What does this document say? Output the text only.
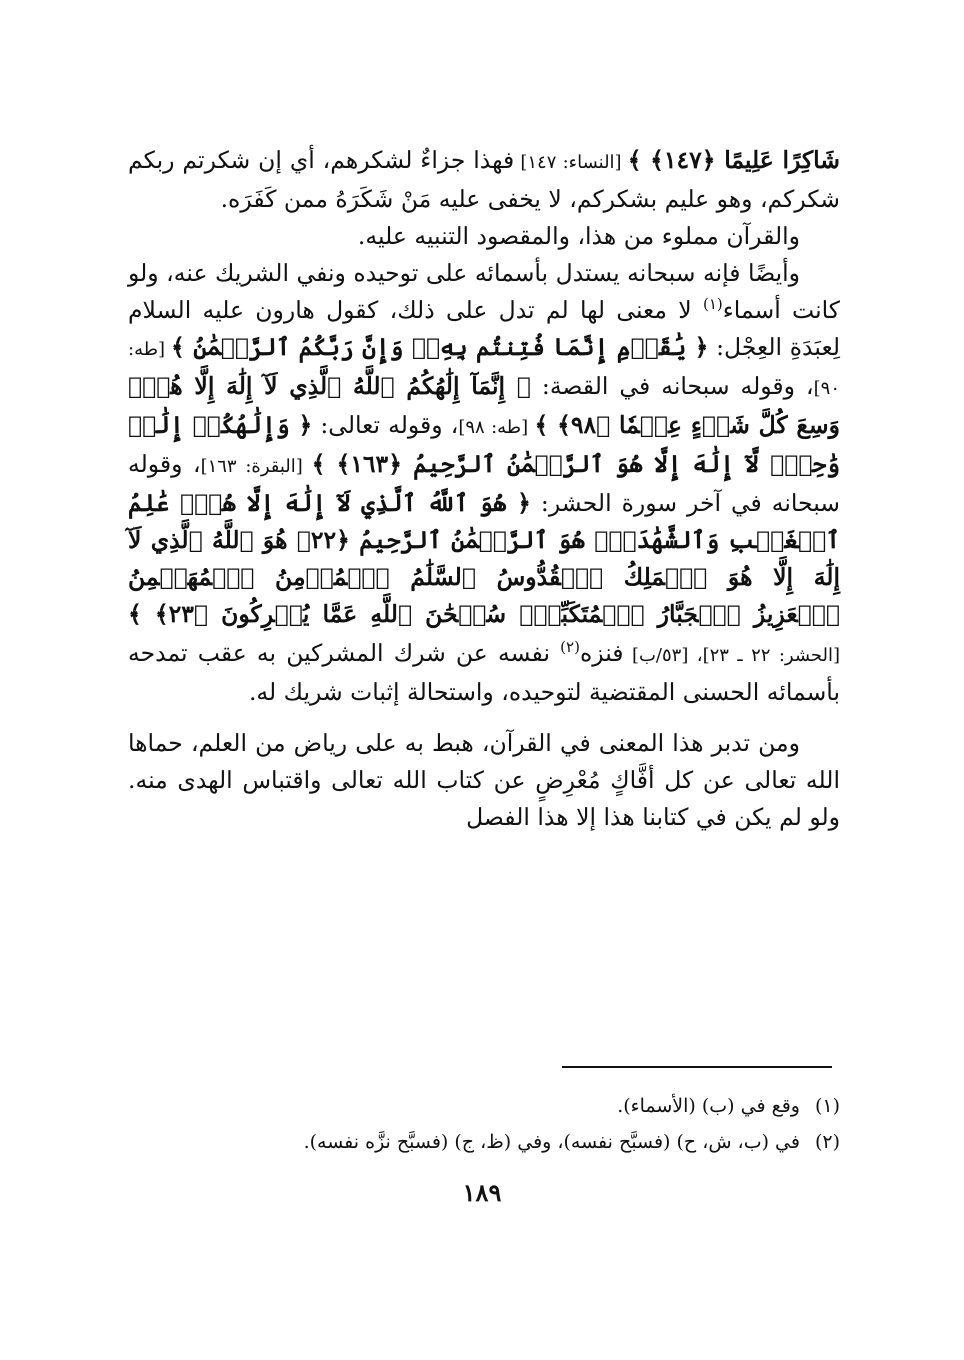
شَاكِرًا عَلِيمًا ﴿١٤٧﴾ ﴾ [النساء: ١٤٧] فهذا جزاءٌ لشكرهم، أي إن شكرتم ربكم شكركم، وهو عليم بشكركم، لا يخفى عليه مَنْ شَكَرَهُ ممن كَفَرَه.

والقرآن مملوء من هذا، والمقصود التنبيه عليه.

وأيضًا فإنه سبحانه يستدل بأسمائه على توحيده ونفي الشريك عنه، ولو كانت أسماء$^{(١)}$ لا معنى لها لم تدل على ذلك، كقول هارون عليه السلام لِعبَدَةِ العِجْل: ﴿ يَٰقَوۡمِ إِنَّمَا فُتِنتُم بِهِۦۖ وَإِنَّ رَبَّكُمُ ٱلرَّحۡمَٰنُ ﴾ [طه: ٩٠]، وقوله سبحانه في القصة: ﴿ إِنَّمَآ إِلَٰهُكُمُ ٱللَّهُ ٱلَّذِي لَآ إِلَٰهَ إِلَّا هُوَۚ وَسِعَ كُلَّ شَيۡءٍ عِلۡمٗا ﴿٩٨﴾ ﴾ [طه: ٩٨]، وقوله تعالى: ﴿ وَإِلَٰهُكُمۡ إِلَٰهٞ وَٰحِدٞۖ لَّآ إِلَٰهَ إِلَّا هُوَ ٱلرَّحۡمَٰنُ ٱلرَّحِيمُ ﴿١٦٣﴾ ﴾ [البقرة: ١٦٣]، وقوله سبحانه في آخر سورة الحشر: ﴿ هُوَ ٱللَّهُ ٱلَّذِي لَآ إِلَٰهَ إِلَّا هُوَۖ عَٰلِمُ ٱلۡغَيۡبِ وَٱلشَّهَٰدَةِۖ هُوَ ٱلرَّحۡمَٰنُ ٱلرَّحِيمُ ﴿٢٢﴾ هُوَ ٱللَّهُ ٱلَّذِي لَآ إِلَٰهَ إِلَّا هُوَ ٱلۡمَلِكُ ٱلۡقُدُّوسُ ٱلسَّلَٰمُ ٱلۡمُؤۡمِنُ ٱلۡمُهَيۡمِنُ ٱلۡعَزِيزُ ٱلۡجَبَّارُ ٱلۡمُتَكَبِّرُۚ سُبۡحَٰنَ ٱللَّهِ عَمَّا يُشۡرِكُونَ ﴿٢٣﴾ ﴾ [الحشر: ٢٢ ـ ٢٣]، [٥٣/ب] فنزه$^{(٢)}$ نفسه عن شرك المشركين به عقب تمدحه بأسمائه الحسنى المقتضية لتوحيده، واستحالة إثبات شريك له.

ومن تدبر هذا المعنى في القرآن، هبط به على رياض من العلم، حماها الله تعالى عن كل أفَّاكٍ مُعْرِضٍ عن كتاب الله تعالى واقتباس الهدى منه. ولو لم يكن في كتابنا هذا إلا هذا الفصل

(١) وقع في (ب) (الأسماء).

(٢) في (ب، ش، ح) (فسبَّح نفسه)، وفي (ظ، ج) (فسبَّح نزَّه نفسه).

١٨٩
